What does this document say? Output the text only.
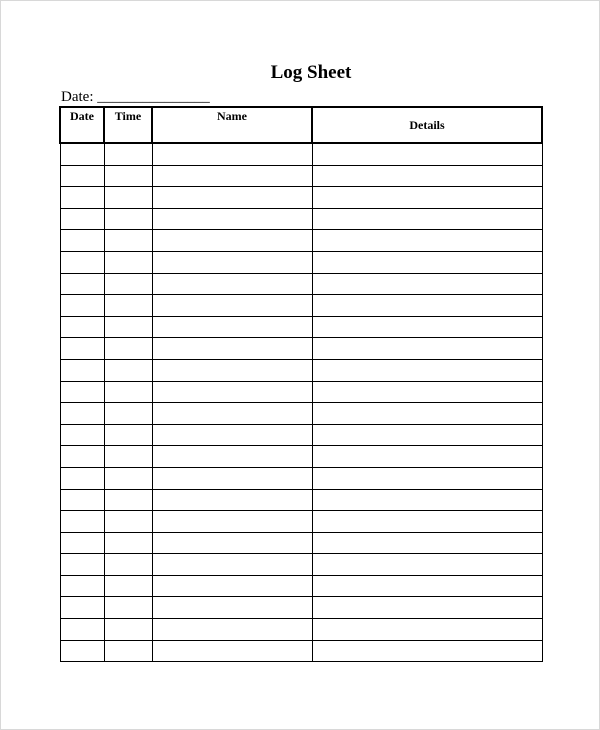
Log Sheet
Date: _______________
Date	Time	Name	Details
